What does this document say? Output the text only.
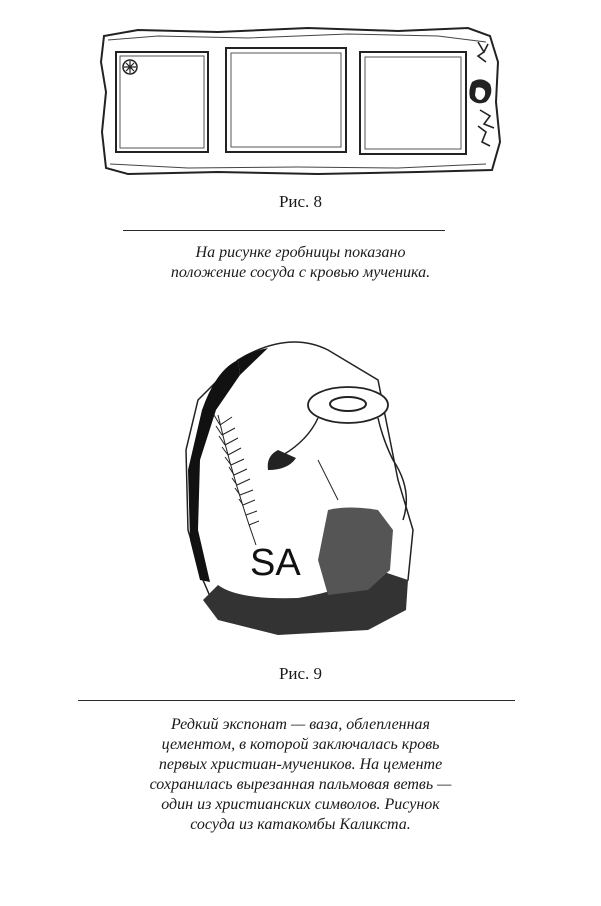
Рис. 8
На рисунке гробницы показано
положение сосуда с кровью мученика.
SA
Рис. 9
Редкий экспонат — ваза, облепленная
цементом, в которой заключалась кровь
первых христиан-мучеников. На цементе
сохранилась вырезанная пальмовая ветвь —
один из христианских символов. Рисунок
сосуда из катакомбы Каликста.
